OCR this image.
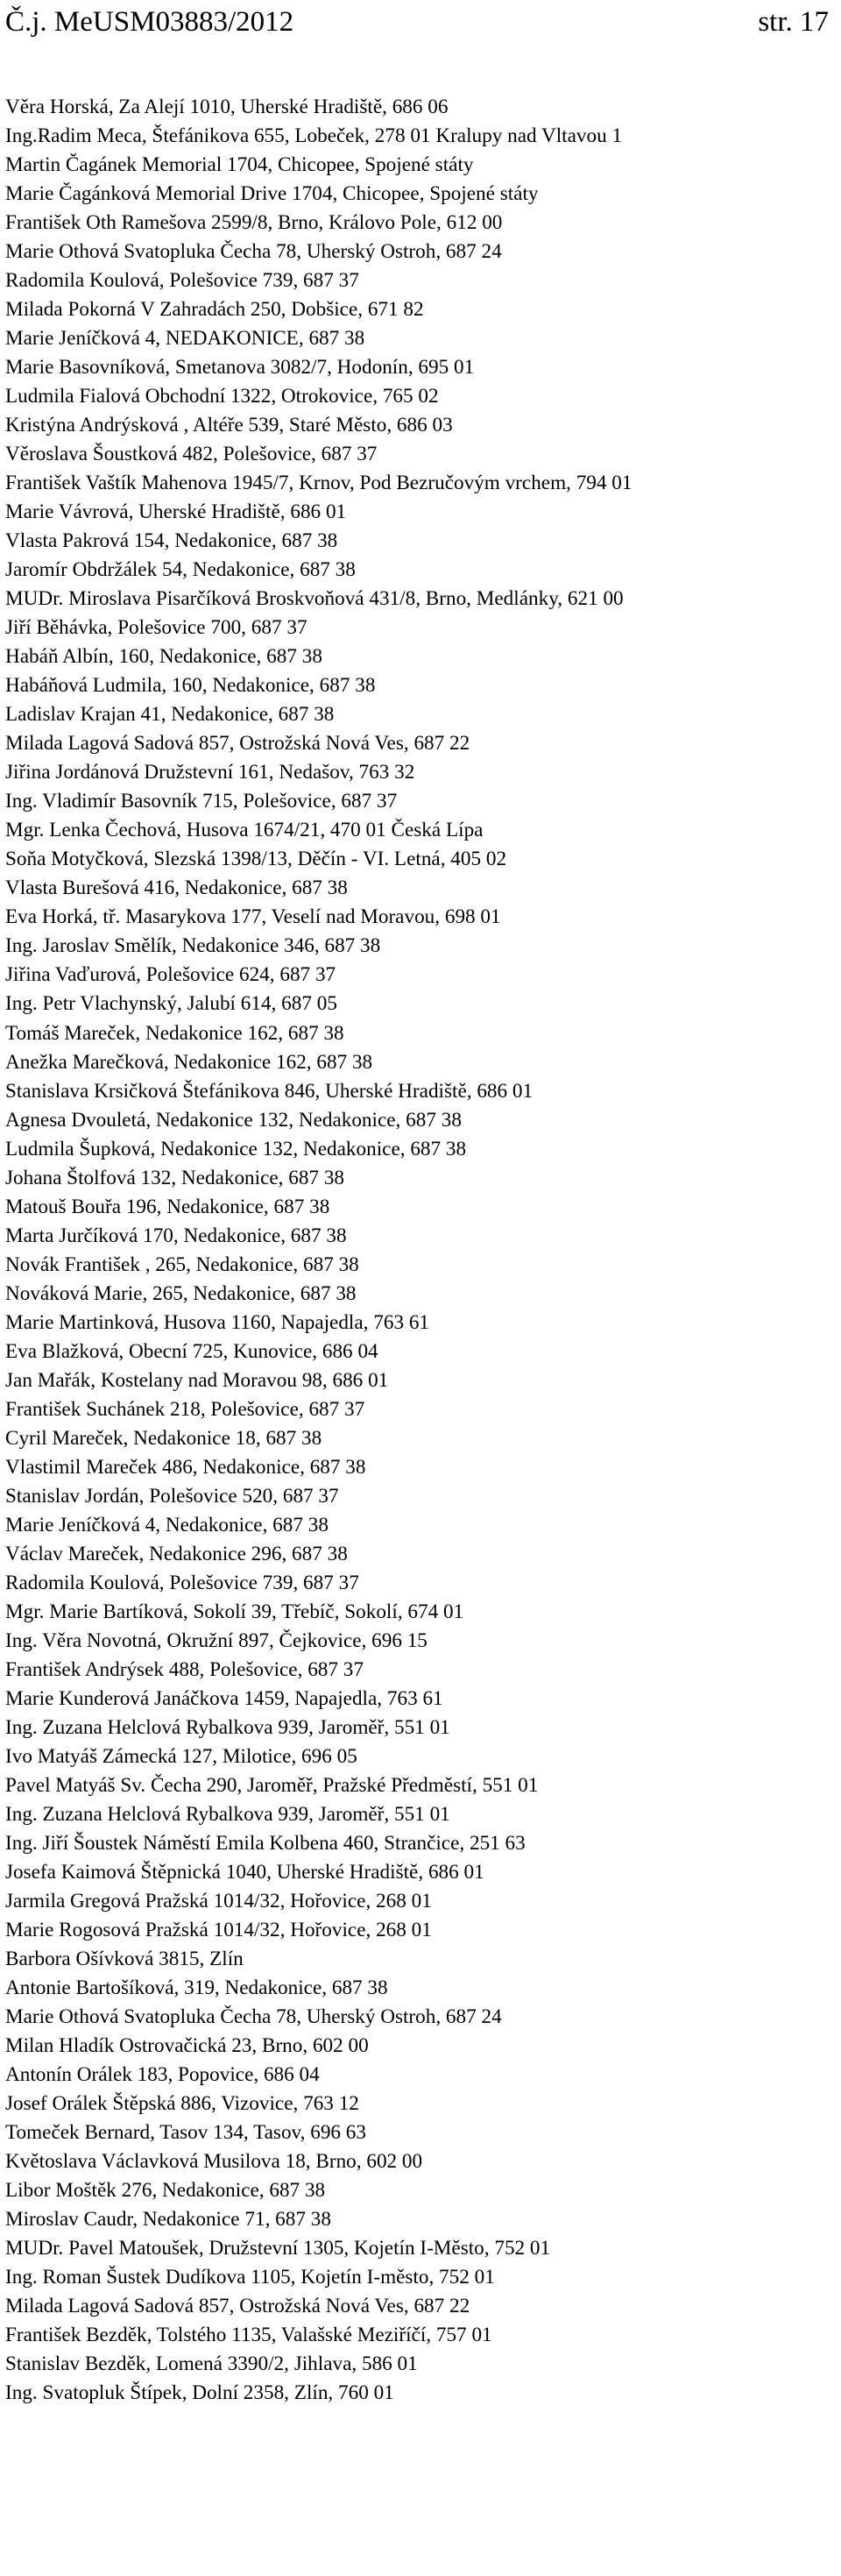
Č.j. MeUSM03883/2012	str. 17
Věra Horská, Za Alejí 1010, Uherské Hradiště, 686 06
Ing.Radim Meca, Štefánikova 655, Lobeček, 278 01 Kralupy nad Vltavou 1
Martin Čagánek Memorial 1704, Chicopee, Spojené státy
Marie Čagánková Memorial Drive 1704, Chicopee, Spojené státy
František Oth Ramešova 2599/8, Brno, Královo Pole, 612 00
Marie Othová Svatopluka Čecha 78, Uherský Ostroh, 687 24
Radomila Koulová, Polešovice 739, 687 37
Milada Pokorná V Zahradách 250, Dobšice, 671 82
Marie Jeníčková 4, NEDAKONICE, 687 38
Marie Basovníková, Smetanova 3082/7, Hodonín, 695 01
Ludmila Fialová Obchodní 1322, Otrokovice, 765 02
Kristýna Andrýsková , Altéře 539, Staré Město, 686 03
Věroslava Šoustková 482, Polešovice, 687 37
František Vaštík Mahenova 1945/7, Krnov, Pod Bezručovým vrchem, 794 01
Marie Vávrová, Uherské Hradiště, 686 01
Vlasta Pakrová 154, Nedakonice, 687 38
Jaromír Obdržálek 54, Nedakonice, 687 38
MUDr. Miroslava Pisarčíková Broskvoňová 431/8, Brno, Medlánky, 621 00
Jiří Běhávka, Polešovice 700, 687 37
Habáň Albín, 160, Nedakonice, 687 38
Habáňová Ludmila, 160, Nedakonice, 687 38
Ladislav Krajan 41, Nedakonice, 687 38
Milada Lagová Sadová 857, Ostrožská Nová Ves, 687 22
Jiřina Jordánová Družstevní 161, Nedašov, 763 32
Ing. Vladimír Basovník 715, Polešovice, 687 37
Mgr. Lenka Čechová, Husova 1674/21, 470 01 Česká Lípa
Soňa Motyčková, Slezská 1398/13, Děčín - VI. Letná, 405 02
Vlasta Burešová 416, Nedakonice, 687 38
Eva Horká, tř. Masarykova 177, Veselí nad Moravou, 698 01
Ing. Jaroslav Smělík, Nedakonice 346, 687 38
Jiřina Vaďurová, Polešovice 624, 687 37
Ing. Petr Vlachynský, Jalubí 614, 687 05
Tomáš Mareček, Nedakonice 162, 687 38
Anežka Marečková, Nedakonice 162, 687 38
Stanislava Krsičková Štefánikova 846, Uherské Hradiště, 686 01
Agnesa Dvouletá, Nedakonice 132, Nedakonice, 687 38
Ludmila Šupková, Nedakonice 132, Nedakonice, 687 38
Johana Štolfová 132, Nedakonice, 687 38
Matouš Bouřa 196, Nedakonice, 687 38
Marta Jurčíková 170, Nedakonice, 687 38
Novák František , 265, Nedakonice, 687 38
Nováková Marie, 265, Nedakonice, 687 38
Marie Martinková, Husova 1160, Napajedla, 763 61
Eva Blažková, Obecní 725, Kunovice, 686 04
Jan Mařák, Kostelany nad Moravou 98, 686 01
František Suchánek 218, Polešovice, 687 37
Cyril Mareček, Nedakonice 18, 687 38
Vlastimil Mareček 486, Nedakonice, 687 38
Stanislav Jordán, Polešovice 520, 687 37
Marie Jeníčková 4, Nedakonice, 687 38
Václav Mareček, Nedakonice 296, 687 38
Radomila Koulová, Polešovice 739, 687 37
Mgr. Marie Bartíková, Sokolí 39, Třebíč, Sokolí, 674 01
Ing. Věra Novotná, Okružní 897, Čejkovice, 696 15
František Andrýsek 488, Polešovice, 687 37
Marie Kunderová Janáčkova 1459, Napajedla, 763 61
Ing. Zuzana Helclová Rybalkova 939, Jaroměř, 551 01
Ivo Matyáš Zámecká 127, Milotice, 696 05
Pavel Matyáš Sv. Čecha 290, Jaroměř, Pražské Předměstí, 551 01
Ing. Zuzana Helclová Rybalkova 939, Jaroměř, 551 01
Ing. Jiří Šoustek Náměstí Emila Kolbena 460, Strančice, 251 63
Josefa Kaimová Štěpnická 1040, Uherské Hradiště, 686 01
Jarmila Gregová Pražská 1014/32, Hořovice, 268 01
Marie Rogosová Pražská 1014/32, Hořovice, 268 01
Barbora Ošívková 3815, Zlín
Antonie Bartošíková, 319, Nedakonice, 687 38
Marie Othová Svatopluka Čecha 78, Uherský Ostroh, 687 24
Milan Hladík Ostrovačická 23, Brno, 602 00
Antonín Orálek 183, Popovice, 686 04
Josef Orálek Štěpská 886, Vizovice, 763 12
Tomeček Bernard, Tasov 134, Tasov, 696 63
Květoslava Václavková Musilova 18, Brno, 602 00
Libor Moštěk 276, Nedakonice, 687 38
Miroslav Caudr, Nedakonice 71, 687 38
MUDr. Pavel Matoušek, Družstevní 1305, Kojetín I-Město, 752 01
Ing. Roman Šustek Dudíkova 1105, Kojetín I-město, 752 01
Milada Lagová Sadová 857, Ostrožská Nová Ves, 687 22
František Bezděk, Tolstého 1135, Valašské Meziříčí, 757 01
Stanislav Bezděk, Lomená 3390/2, Jihlava, 586 01
Ing. Svatopluk Štípek, Dolní 2358, Zlín, 760 01
